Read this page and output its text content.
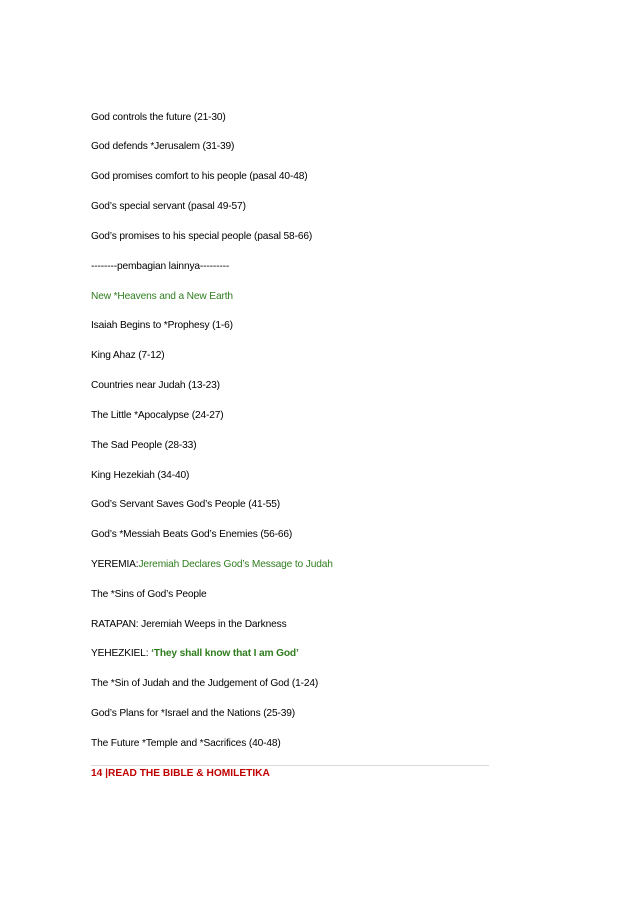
God controls the future (21-30)
God defends *Jerusalem (31-39)
God promises comfort to his people (pasal 40-48)
God’s special servant (pasal 49-57)
God’s promises to his special people (pasal 58-66)
--------pembagian lainnya---------
New *Heavens and a New Earth
Isaiah Begins to *Prophesy (1-6)
King Ahaz (7-12)
Countries near Judah (13-23)
The Little *Apocalypse (24-27)
The Sad People (28-33)
King Hezekiah (34-40)
God’s Servant Saves God’s People (41-55)
God’s *Messiah Beats God’s Enemies (56-66)
YEREMIA:Jeremiah Declares God’s Message to Judah
The *Sins of God’s People
RATAPAN: Jeremiah Weeps in the Darkness
YEHEZKIEL: ‘They shall know that I am God’
The *Sin of Judah and the Judgement of God (1-24)
God’s Plans for *Israel and the Nations (25-39)
The Future *Temple and *Sacrifices (40-48)
14 |READ THE BIBLE & HOMILETIKA
